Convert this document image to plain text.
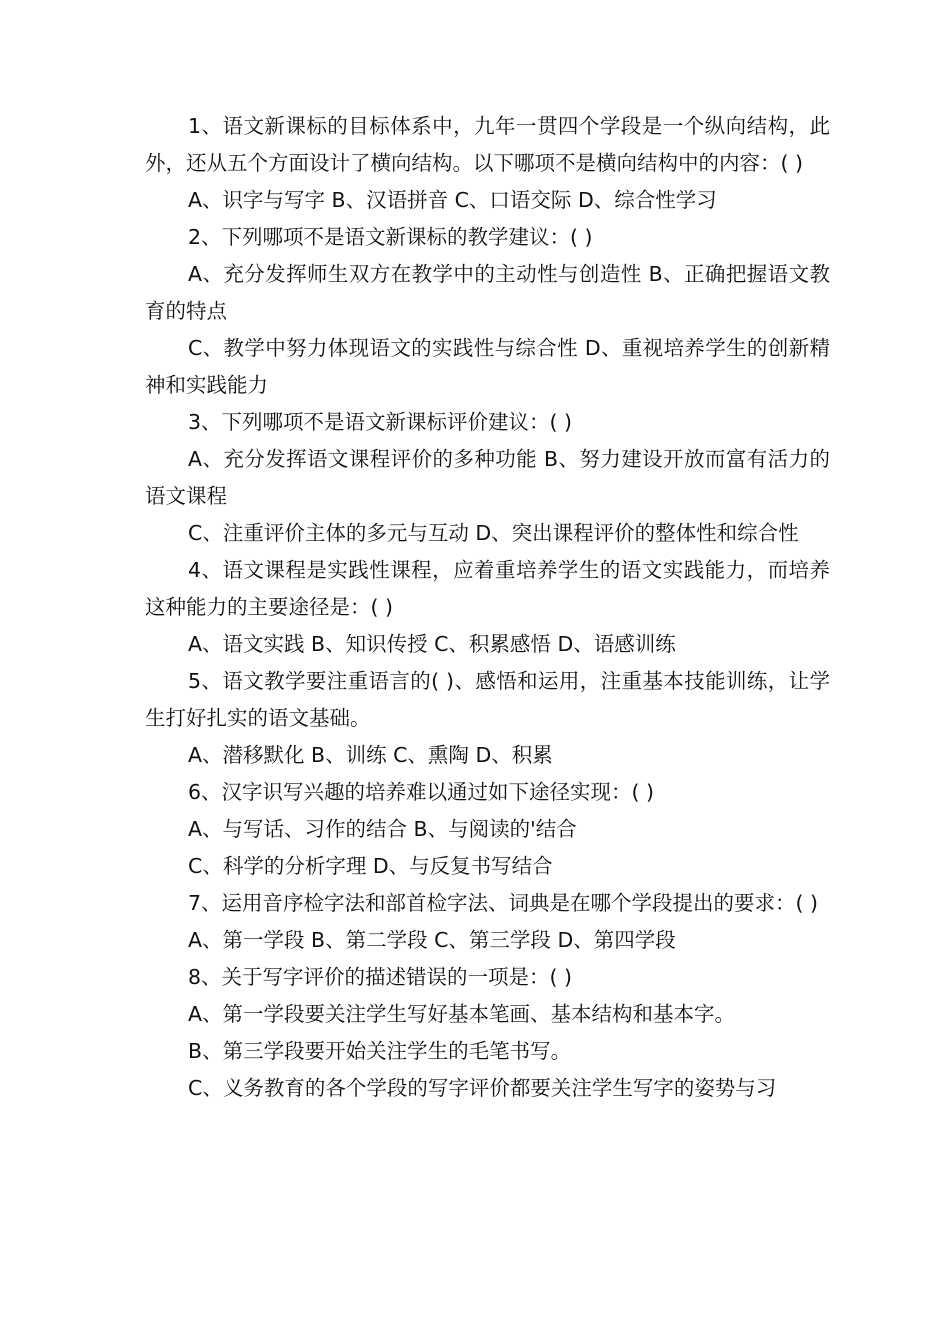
1、语文新课标的目标体系中，九年一贯四个学段是一个纵向结构，此外，还从五个方面设计了横向结构。以下哪项不是横向结构中的内容：( )

A、识字与写字 B、汉语拼音 C、口语交际 D、综合性学习

2、下列哪项不是语文新课标的教学建议：( )

A、充分发挥师生双方在教学中的主动性与创造性 B、正确把握语文教育的特点

C、教学中努力体现语文的实践性与综合性 D、重视培养学生的创新精神和实践能力

3、下列哪项不是语文新课标评价建议：( )

A、充分发挥语文课程评价的多种功能 B、努力建设开放而富有活力的语文课程

C、注重评价主体的多元与互动 D、突出课程评价的整体性和综合性

4、语文课程是实践性课程，应着重培养学生的语文实践能力，而培养这种能力的主要途径是：( )

A、语文实践 B、知识传授 C、积累感悟 D、语感训练

5、语文教学要注重语言的( )、感悟和运用，注重基本技能训练，让学生打好扎实的语文基础。

A、潜移默化 B、训练 C、熏陶 D、积累

6、汉字识写兴趣的培养难以通过如下途径实现：( )

A、与写话、习作的结合 B、与阅读的'结合

C、科学的分析字理 D、与反复书写结合

7、运用音序检字法和部首检字法、词典是在哪个学段提出的要求：( )

A、第一学段 B、第二学段 C、第三学段 D、第四学段

8、关于写字评价的描述错误的一项是：( )

A、第一学段要关注学生写好基本笔画、基本结构和基本字。

B、第三学段要开始关注学生的毛笔书写。

C、义务教育的各个学段的写字评价都要关注学生写字的姿势与习
